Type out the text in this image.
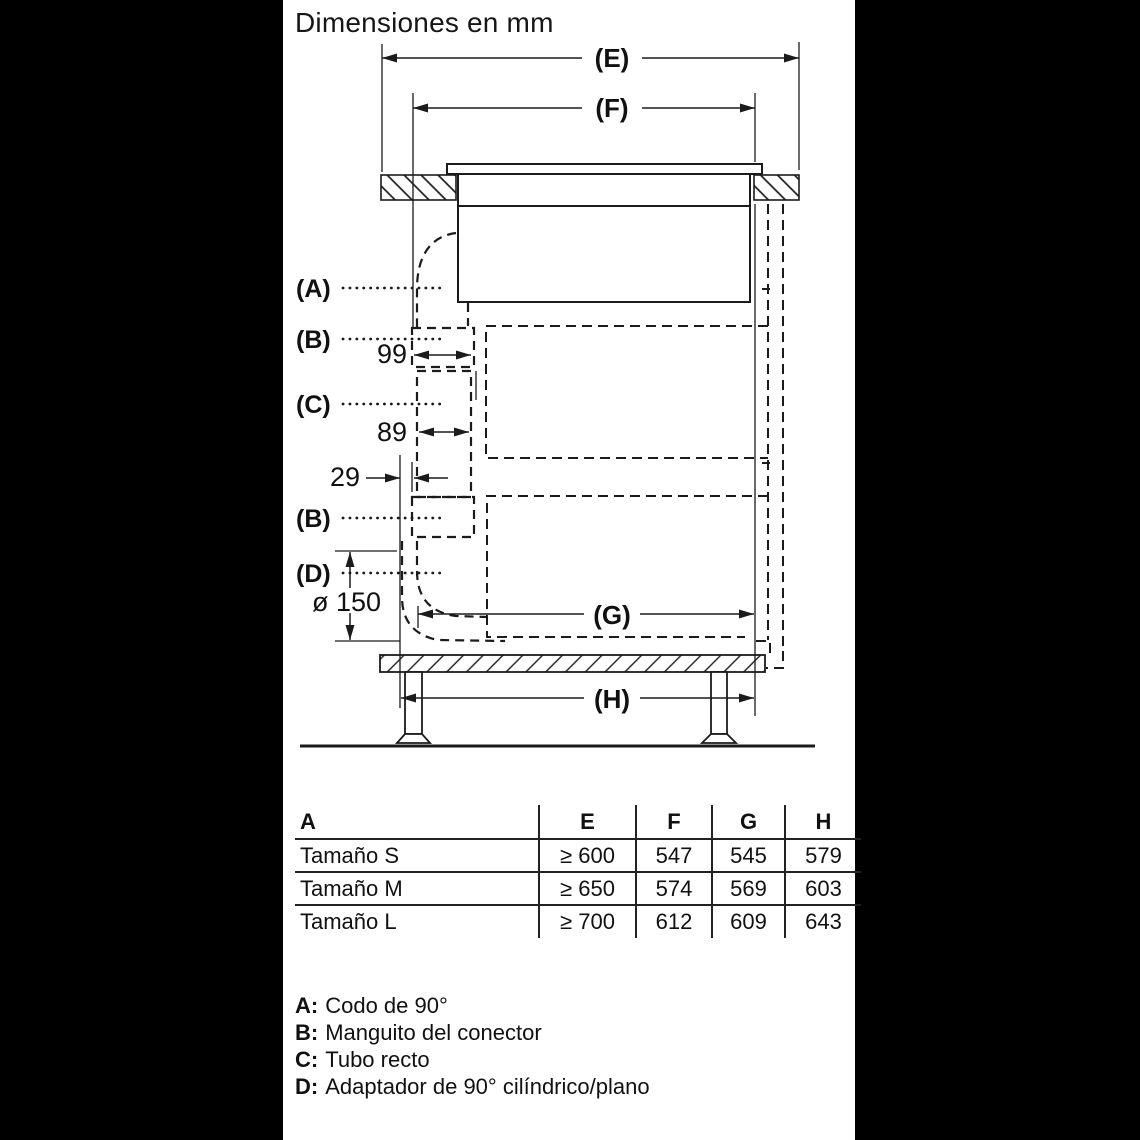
Dimensiones en mm
(E)
(F)
(G)
(H)
99
89
29
ø 150
(A)
(B)
(C)
(B)
(D)
A	E	F	G	H
Tamaño S	≥ 600	547	545	579
Tamaño M	≥ 650	574	569	603
Tamaño L	≥ 700	612	609	643
A: Codo de 90°
B: Manguito del conector
C: Tubo recto
D: Adaptador de 90° cilíndrico/plano
